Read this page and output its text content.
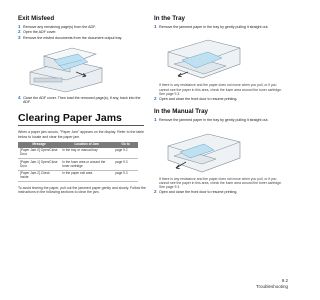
Exit Misfeed
1 Remove any remaining page(s) from the ADF.
2 Open the ADF cover.
3 Remove the misfed documents from the document output tray.
4 Close the ADF cover. Then load the removed page(s), if any, back into the ADF.
Clearing Paper Jams
When a paper jam occurs, "Paper Jam" appears on the display. Refer to the table below to locate and clear the paper jam.
Message	Location of Jam	Go to
[Paper Jam 0] Open/Close Door	In the tray or manual tray	page 9.2
[Paper Jam 1] Open/Close Door	In the fuser area or around the toner cartridge	page 9.3
[Paper Jam 2] Check Inside	In the paper exit area	page 9.3
To avoid tearing the paper, pull out the jammed paper gently and slowly. Follow the instructions in the following sections to clear the jam.
In the Tray
1 Remove the jammed paper in the tray by gently pulling it straight out.
If there is any resistance and the paper does not move when you pull, or if you cannot see the paper in this area, check the fuser area around the toner cartridge. See page 9.3.
2 Open and close the front door to resume printing.
In the Manual Tray
1 Remove the jammed paper in the tray by gently pulling it straight out.
If there is any resistance and the paper does not move when you pull, or if you cannot see the paper in this area, check the fuser area around the toner cartridge. See page 9.3.
2 Open and close the front door to resume printing.
9.2
Troubleshooting
